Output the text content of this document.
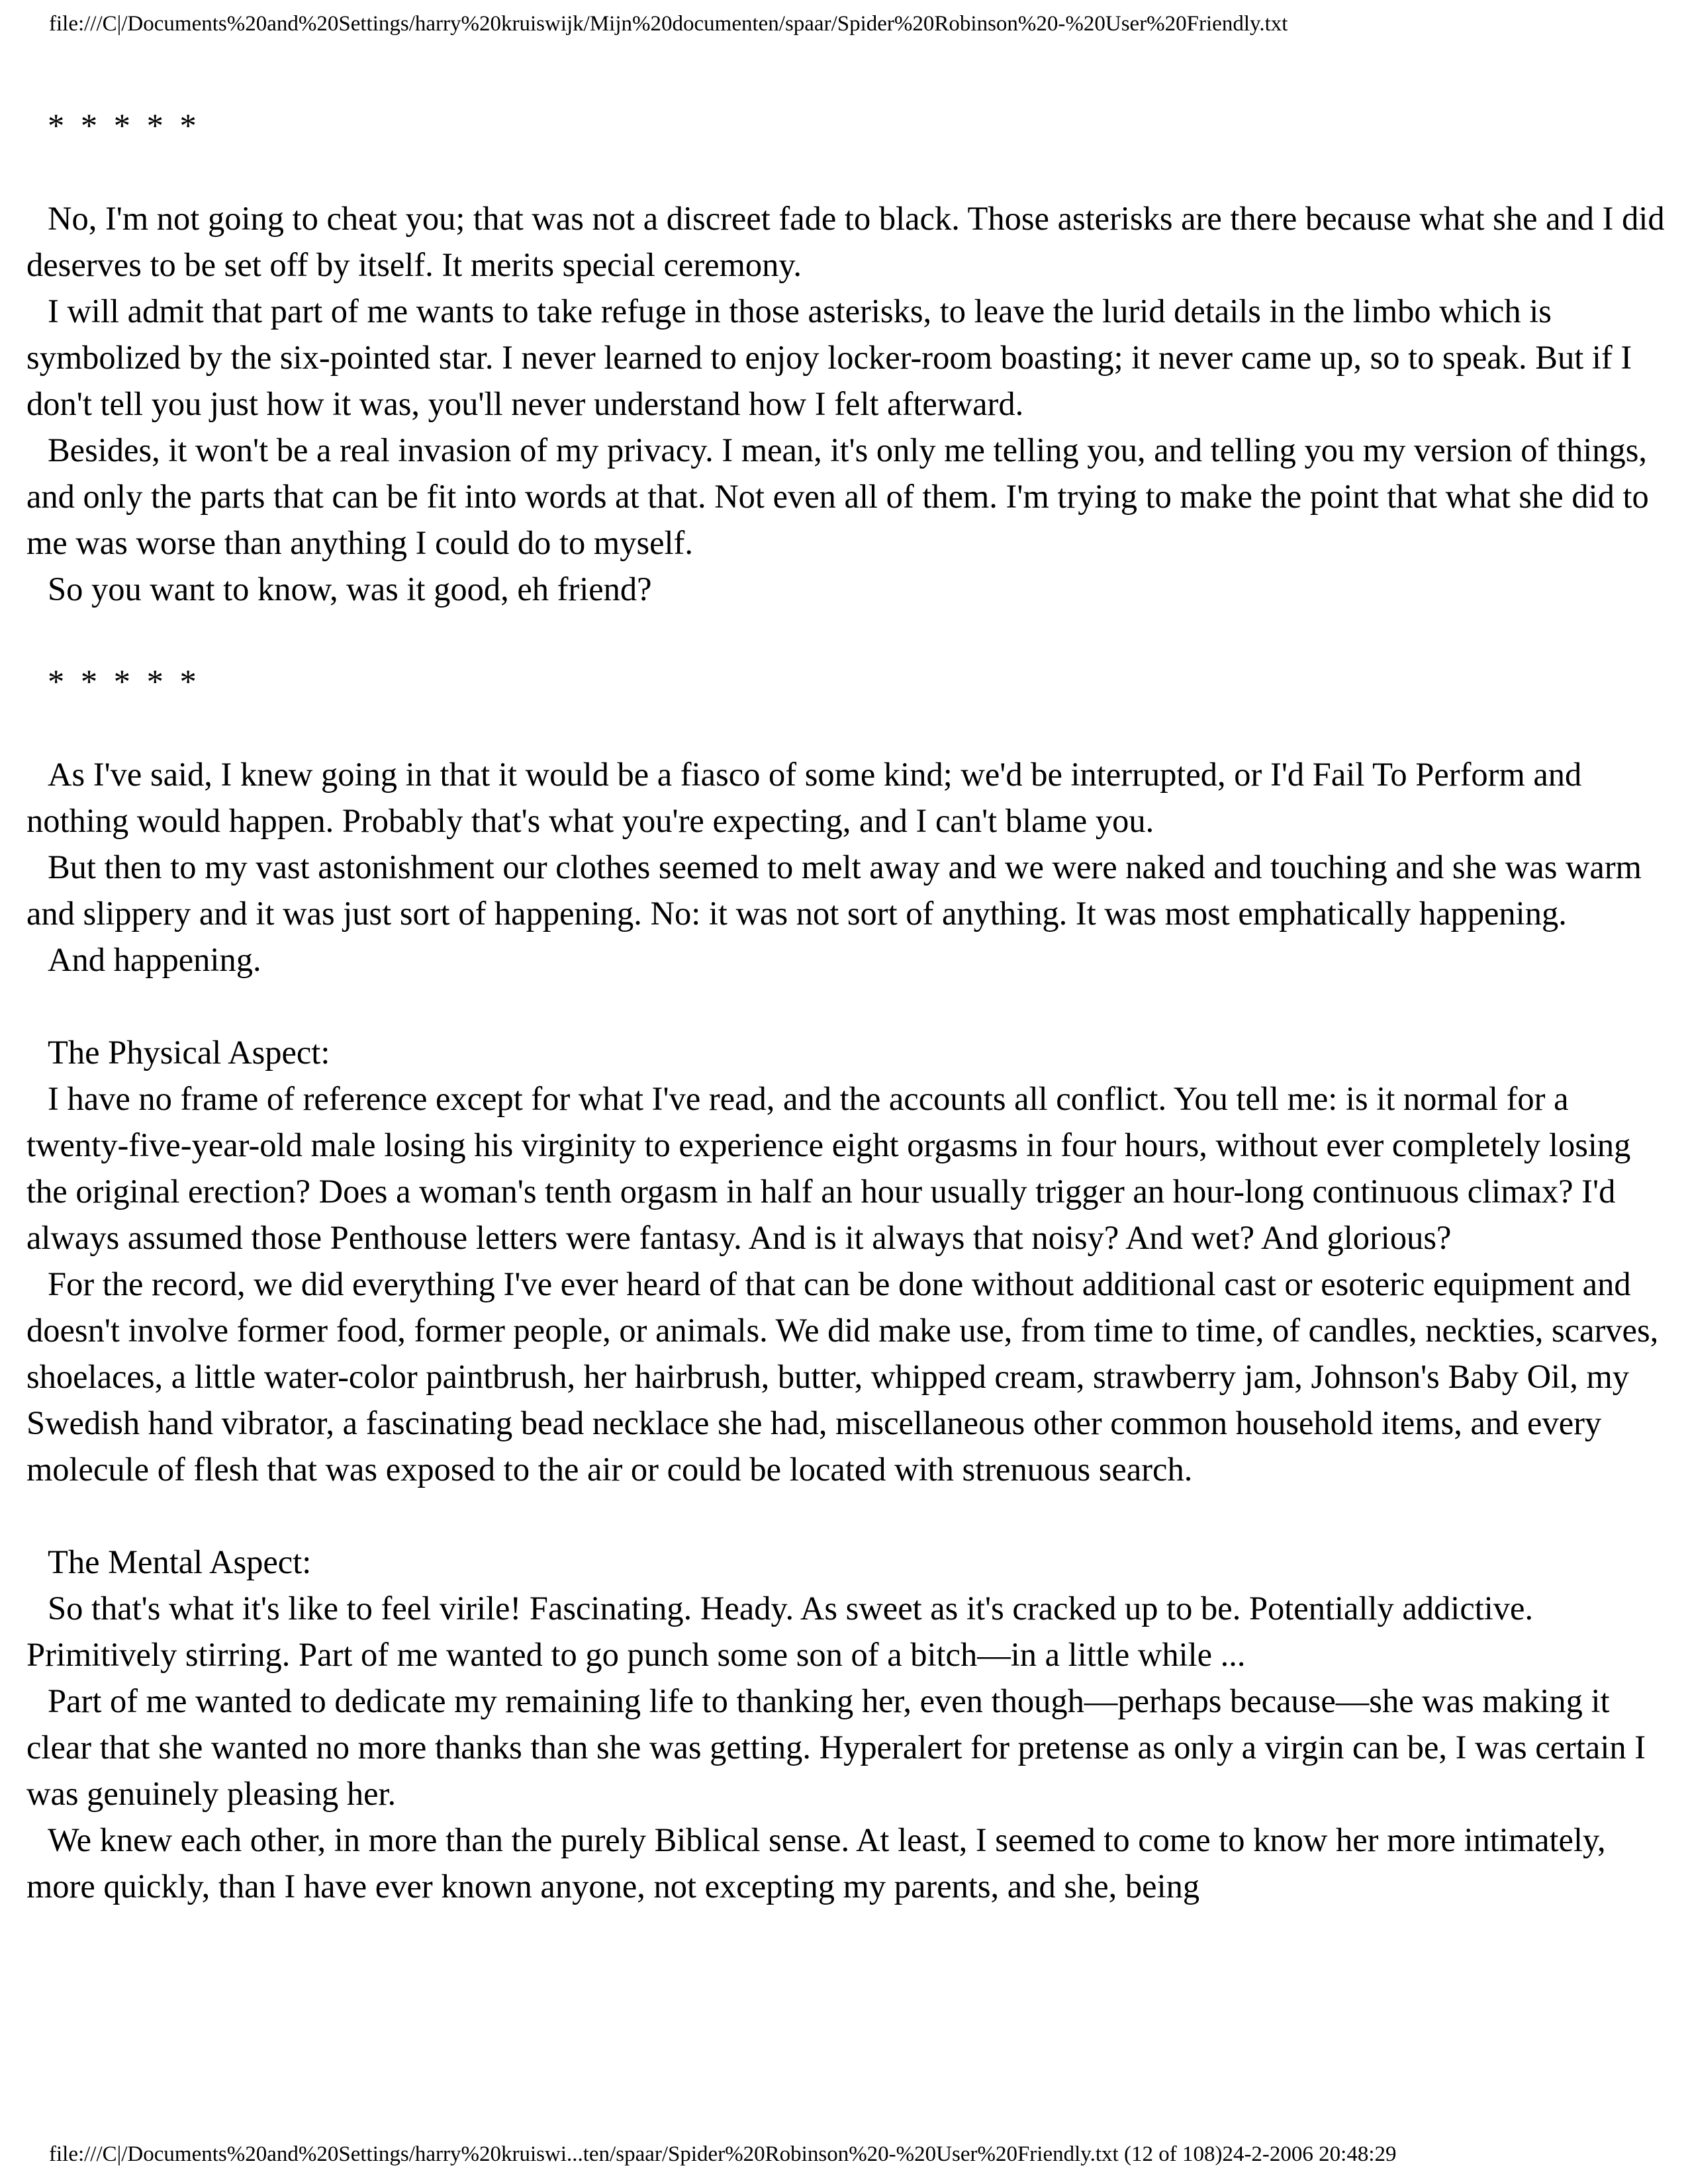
file:///C|/Documents%20and%20Settings/harry%20kruiswijk/Mijn%20documenten/spaar/Spider%20Robinson%20-%20User%20Friendly.txt

* * * * *

No, I'm not going to cheat you; that was not a discreet fade to black. Those asterisks are there because what she and I did deserves to be set off by itself. It merits special ceremony.

I will admit that part of me wants to take refuge in those asterisks, to leave the lurid details in the limbo which is symbolized by the six-pointed star. I never learned to enjoy locker-room boasting; it never came up, so to speak. But if I don't tell you just how it was, you'll never understand how I felt afterward.

Besides, it won't be a real invasion of my privacy. I mean, it's only me telling you, and telling you my version of things, and only the parts that can be fit into words at that. Not even all of them. I'm trying to make the point that what she did to me was worse than anything I could do to myself.

So you want to know, was it good, eh friend?

* * * * *

As I've said, I knew going in that it would be a fiasco of some kind; we'd be interrupted, or I'd Fail To Perform and nothing would happen. Probably that's what you're expecting, and I can't blame you.

But then to my vast astonishment our clothes seemed to melt away and we were naked and touching and she was warm and slippery and it was just sort of happening. No: it was not sort of anything. It was most emphatically happening.

And happening.

The Physical Aspect:

I have no frame of reference except for what I've read, and the accounts all conflict. You tell me: is it normal for a twenty-five-year-old male losing his virginity to experience eight orgasms in four hours, without ever completely losing the original erection? Does a woman's tenth orgasm in half an hour usually trigger an hour-long continuous climax? I'd always assumed those Penthouse letters were fantasy. And is it always that noisy? And wet? And glorious?

For the record, we did everything I've ever heard of that can be done without additional cast or esoteric equipment and doesn't involve former food, former people, or animals. We did make use, from time to time, of candles, neckties, scarves, shoelaces, a little water-color paintbrush, her hairbrush, butter, whipped cream, strawberry jam, Johnson's Baby Oil, my Swedish hand vibrator, a fascinating bead necklace she had, miscellaneous other common household items, and every molecule of flesh that was exposed to the air or could be located with strenuous search.

The Mental Aspect:

So that's what it's like to feel virile! Fascinating. Heady. As sweet as it's cracked up to be. Potentially addictive. Primitively stirring. Part of me wanted to go punch some son of a bitch—in a little while ...

Part of me wanted to dedicate my remaining life to thanking her, even though—perhaps because—she was making it clear that she wanted no more thanks than she was getting. Hyperalert for pretense as only a virgin can be, I was certain I was genuinely pleasing her.

We knew each other, in more than the purely Biblical sense. At least, I seemed to come to know her more intimately, more quickly, than I have ever known anyone, not excepting my parents, and she, being

file:///C|/Documents%20and%20Settings/harry%20kruiswi...ten/spaar/Spider%20Robinson%20-%20User%20Friendly.txt (12 of 108)24-2-2006 20:48:29
